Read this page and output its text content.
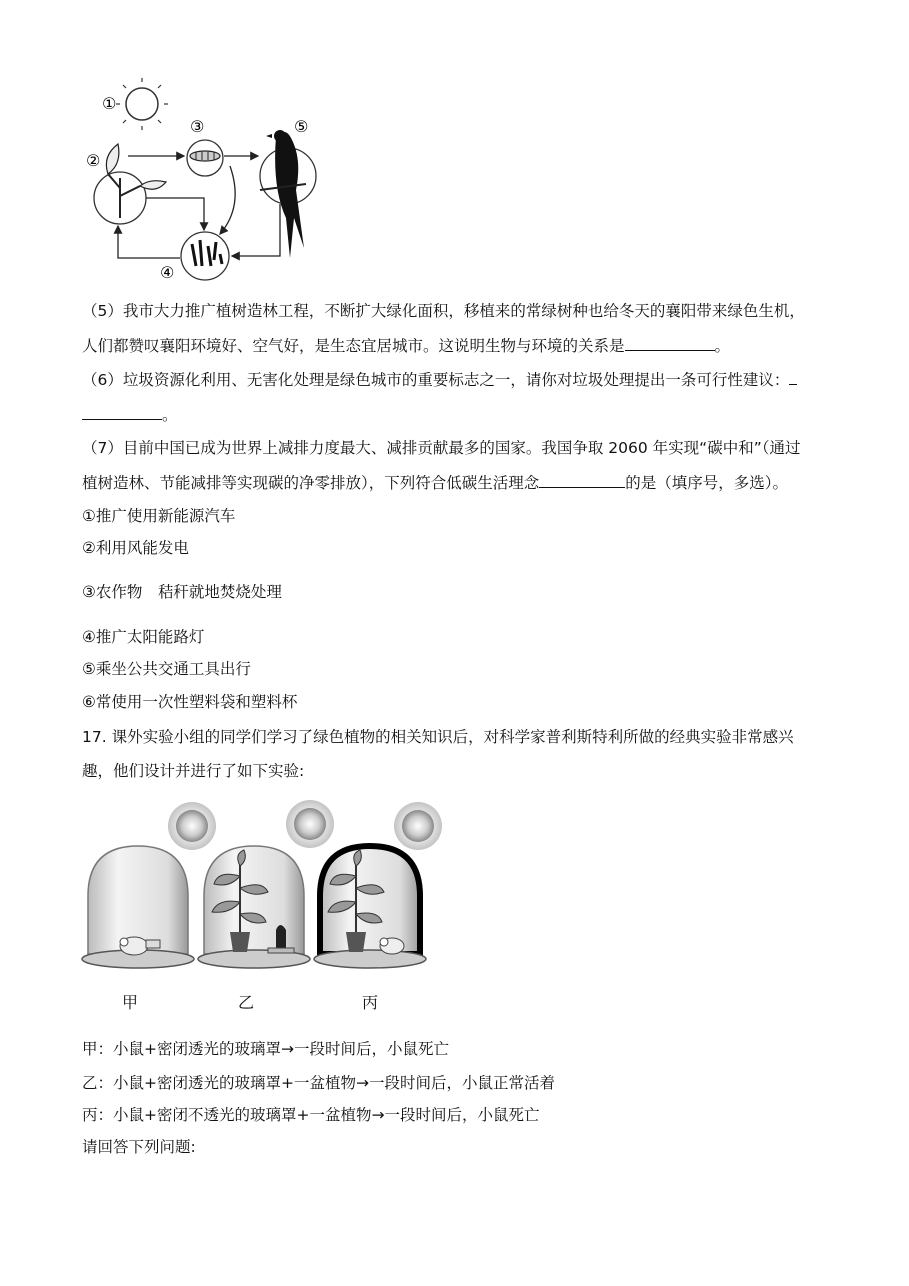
①
②
③	⑤
④
（5）我市大力推广植树造林工程，不断扩大绿化面积，移植来的常绿树种也给冬天的襄阳带来绿色生机，
人们都赞叹襄阳环境好、空气好，是生态宜居城市。这说明生物与环境的关系是	。
（6）垃圾资源化利用、无害化处理是绿色城市的重要标志之一，请你对垃圾处理提出一条可行性建议：
。
（7）目前中国已成为世界上减排力度最大、减排贡献最多的国家。我国争取 2060 年实现“碳中和”（通过
植树造林、节能减排等实现碳的净零排放），下列符合低碳生活理念	的是（填序号，多选）。
①推广使用新能源汽车
②利用风能发电
③农作物　秸秆就地焚烧处理
④推广太阳能路灯
⑤乘坐公共交通工具出行
⑥常使用一次性塑料袋和塑料杯
17. 课外实验小组的同学们学习了绿色植物的相关知识后，对科学家普利斯特利所做的经典实验非常感兴
趣，他们设计并进行了如下实验:
甲	乙	丙
甲：小鼠+密闭透光的玻璃罩→一段时间后，小鼠死亡
乙：小鼠+密闭透光的玻璃罩+一盆植物→一段时间后，小鼠正常活着
丙：小鼠+密闭不透光的玻璃罩+一盆植物→一段时间后，小鼠死亡
请回答下列问题:
